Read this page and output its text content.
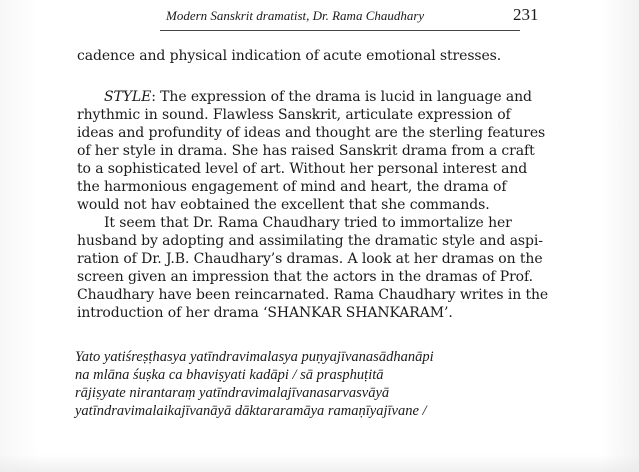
Modern Sanskrit dramatist, Dr. Rama Chaudhary	231
cadence and physical indication of acute emotional stresses.
STYLE: The expression of the drama is lucid in language and
rhythmic in sound. Flawless Sanskrit, articulate expression of
ideas and profundity of ideas and thought are the sterling features
of her style in drama. She has raised Sanskrit drama from a craft
to a sophisticated level of art. Without her personal interest and
the harmonious engagement of mind and heart, the drama of
would not hav eobtained the excellent that she commands.
It seem that Dr. Rama Chaudhary tried to immortalize her
husband by adopting and assimilating the dramatic style and aspi-
ration of Dr. J.B. Chaudhary’s dramas. A look at her dramas on the
screen given an impression that the actors in the dramas of Prof.
Chaudhary have been reincarnated. Rama Chaudhary writes in the
introduction of her drama ‘SHANKAR SHANKARAM’.
Yato yatiśreṣṭhasya yatīndravimalasya puṇyajīvanasādhanāpi
na mlāna śuṣka ca bhaviṣyati kadāpi / sā prasphuṭitā
rājiṣyate nirantaraṃ yatīndravimalajīvanasarvasvāyā
yatīndravimalaikajīvanāyā dāktararamāya ramaṇīyajīvane /
